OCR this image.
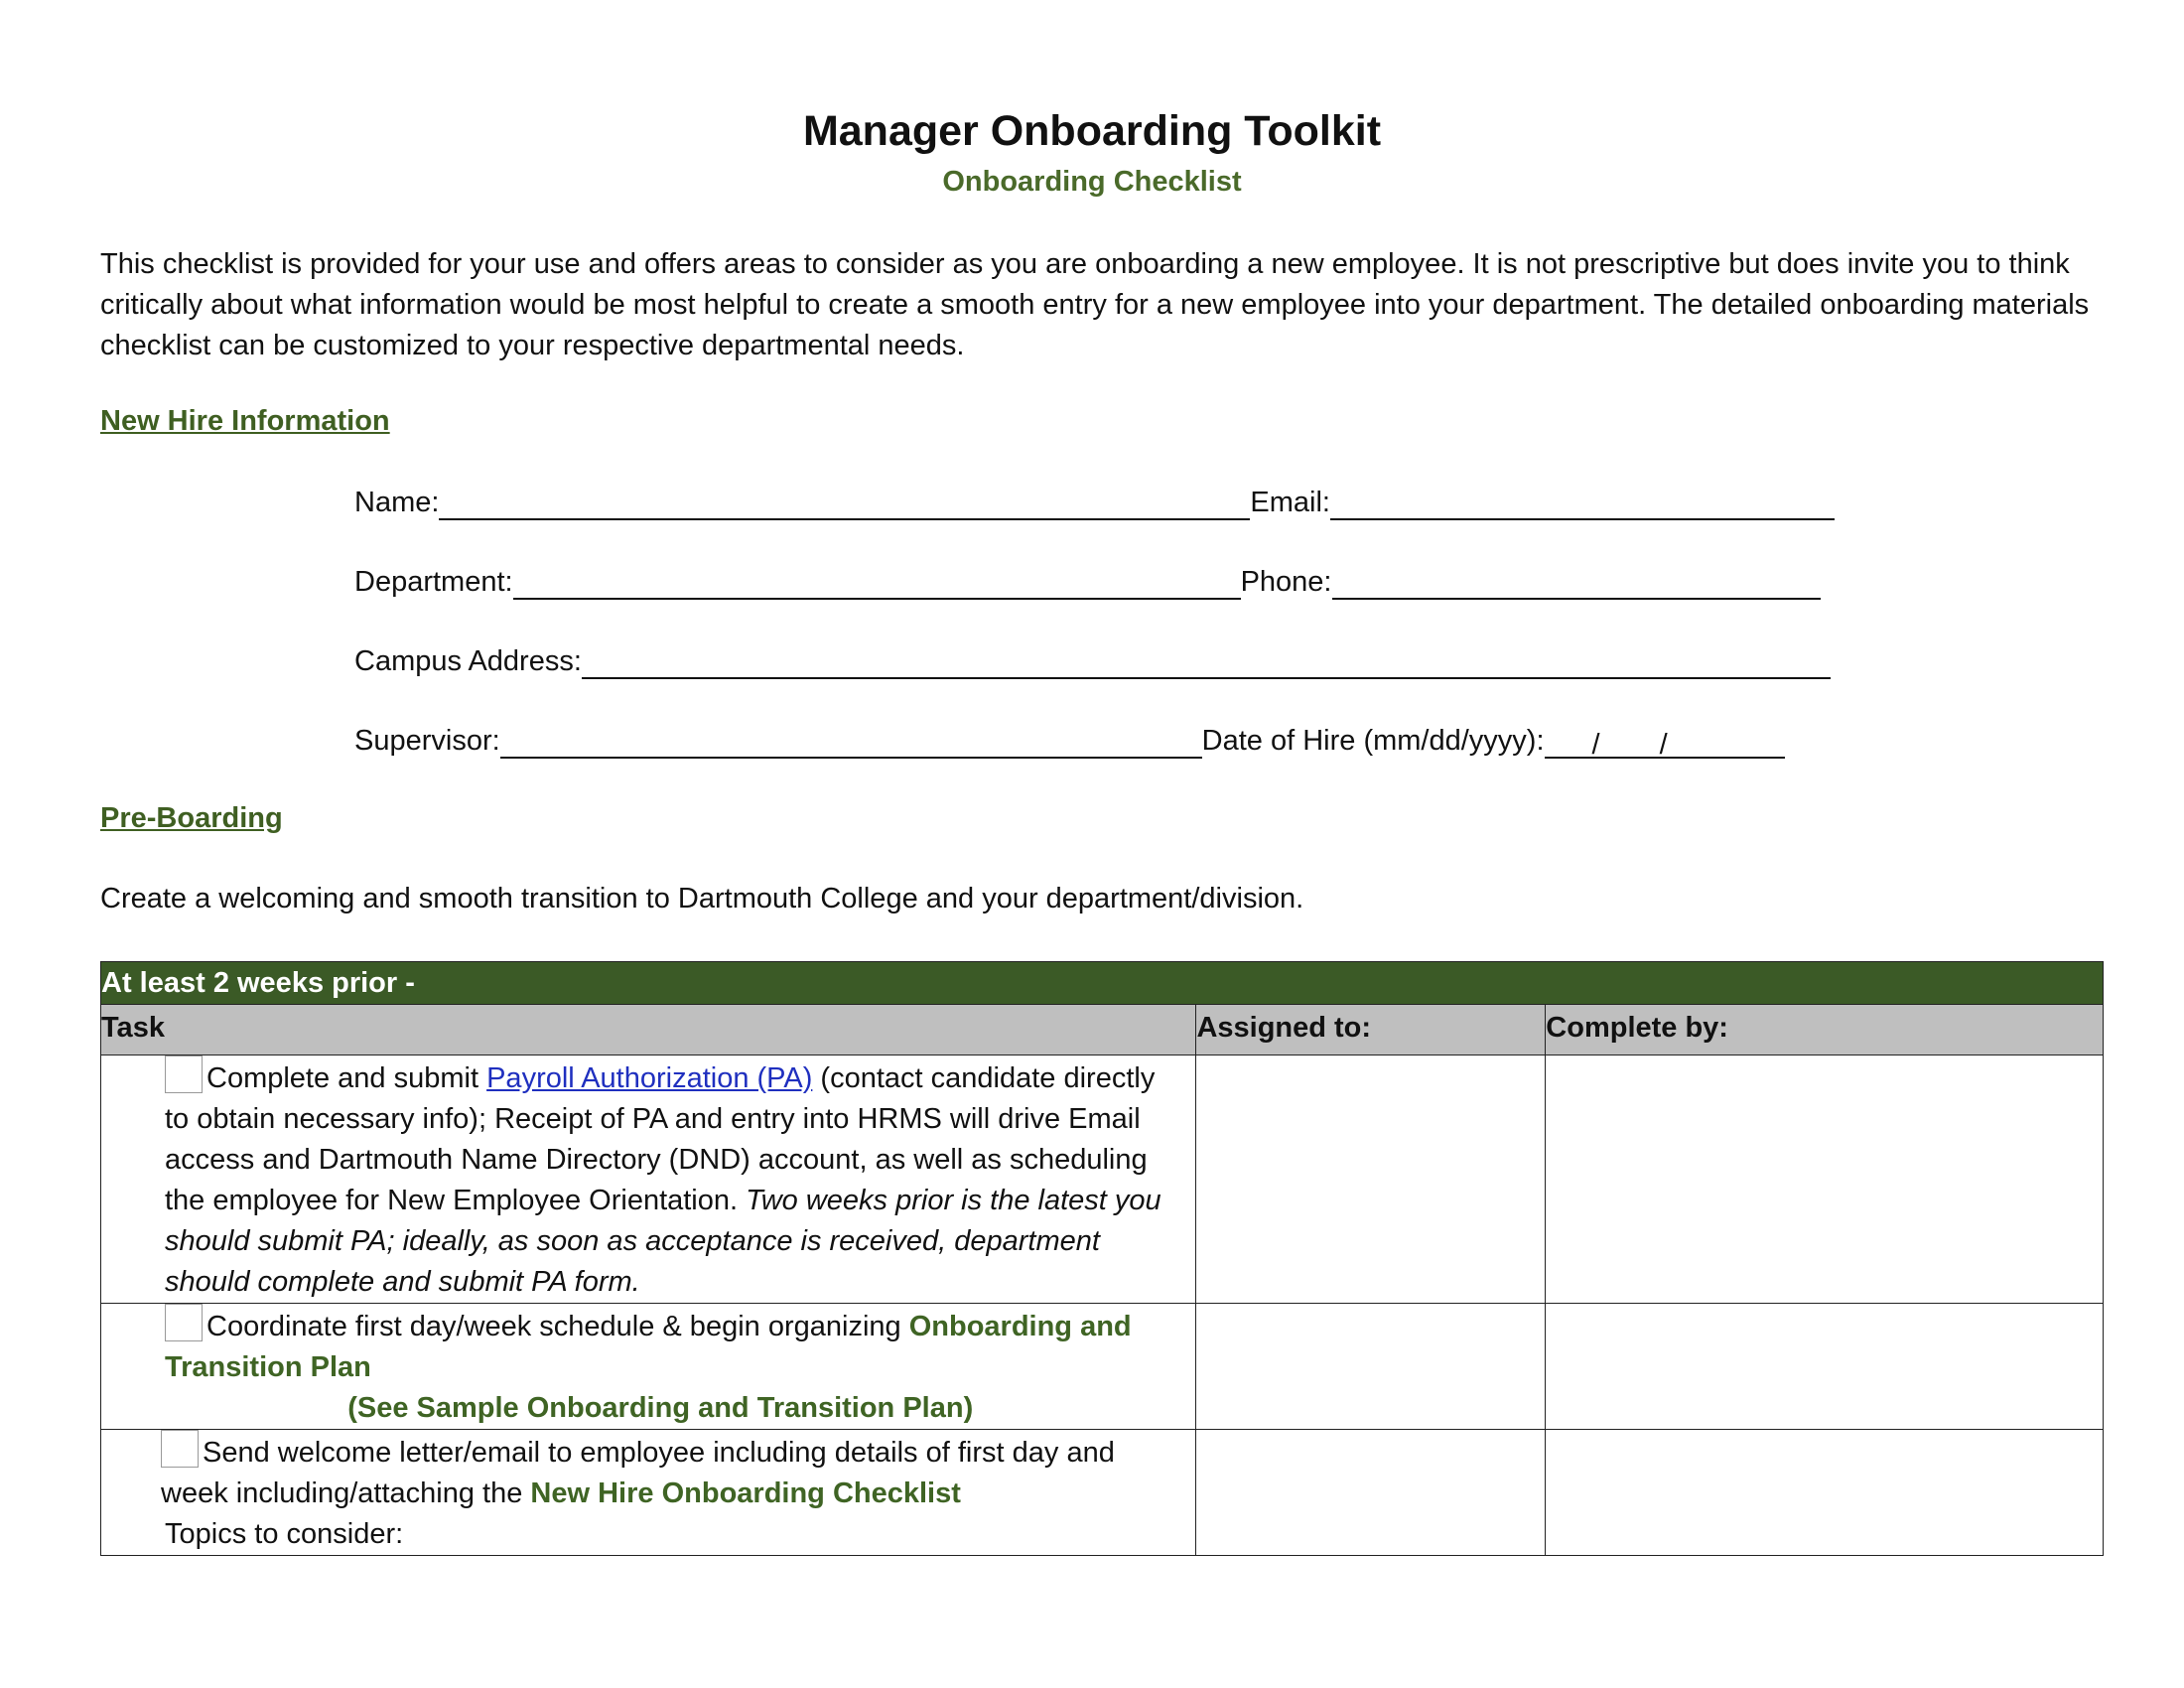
Manager Onboarding Toolkit
Onboarding Checklist
This checklist is provided for your use and offers areas to consider as you are onboarding a new employee. It is not prescriptive but does invite you to think critically about what information would be most helpful to create a smooth entry for a new employee into your department. The detailed onboarding materials checklist can be customized to your respective departmental needs.
New Hire Information
Name:	Email:
Department:	Phone:
Campus Address:
Supervisor:	Date of Hire (mm/dd/yyyy):	/ /
Pre-Boarding
Create a welcoming and smooth transition to Dartmouth College and your department/division.
At least 2 weeks prior -		
Task	Assigned to:	Complete by:
Complete and submit Payroll Authorization (PA) (contact candidate directly to obtain necessary info); Receipt of PA and entry into HRMS will drive Email access and Dartmouth Name Directory (DND) account, as well as scheduling the employee for New Employee Orientation. Two weeks prior is the latest you should submit PA; ideally, as soon as acceptance is received, department should complete and submit PA form.		
Coordinate first day/week schedule & begin organizing Onboarding and Transition Plan
(See Sample Onboarding and Transition Plan)		

Send welcome letter/email to employee including details of first day and week including/attaching the New Hire Onboarding Checklist
Topics to consider:		
